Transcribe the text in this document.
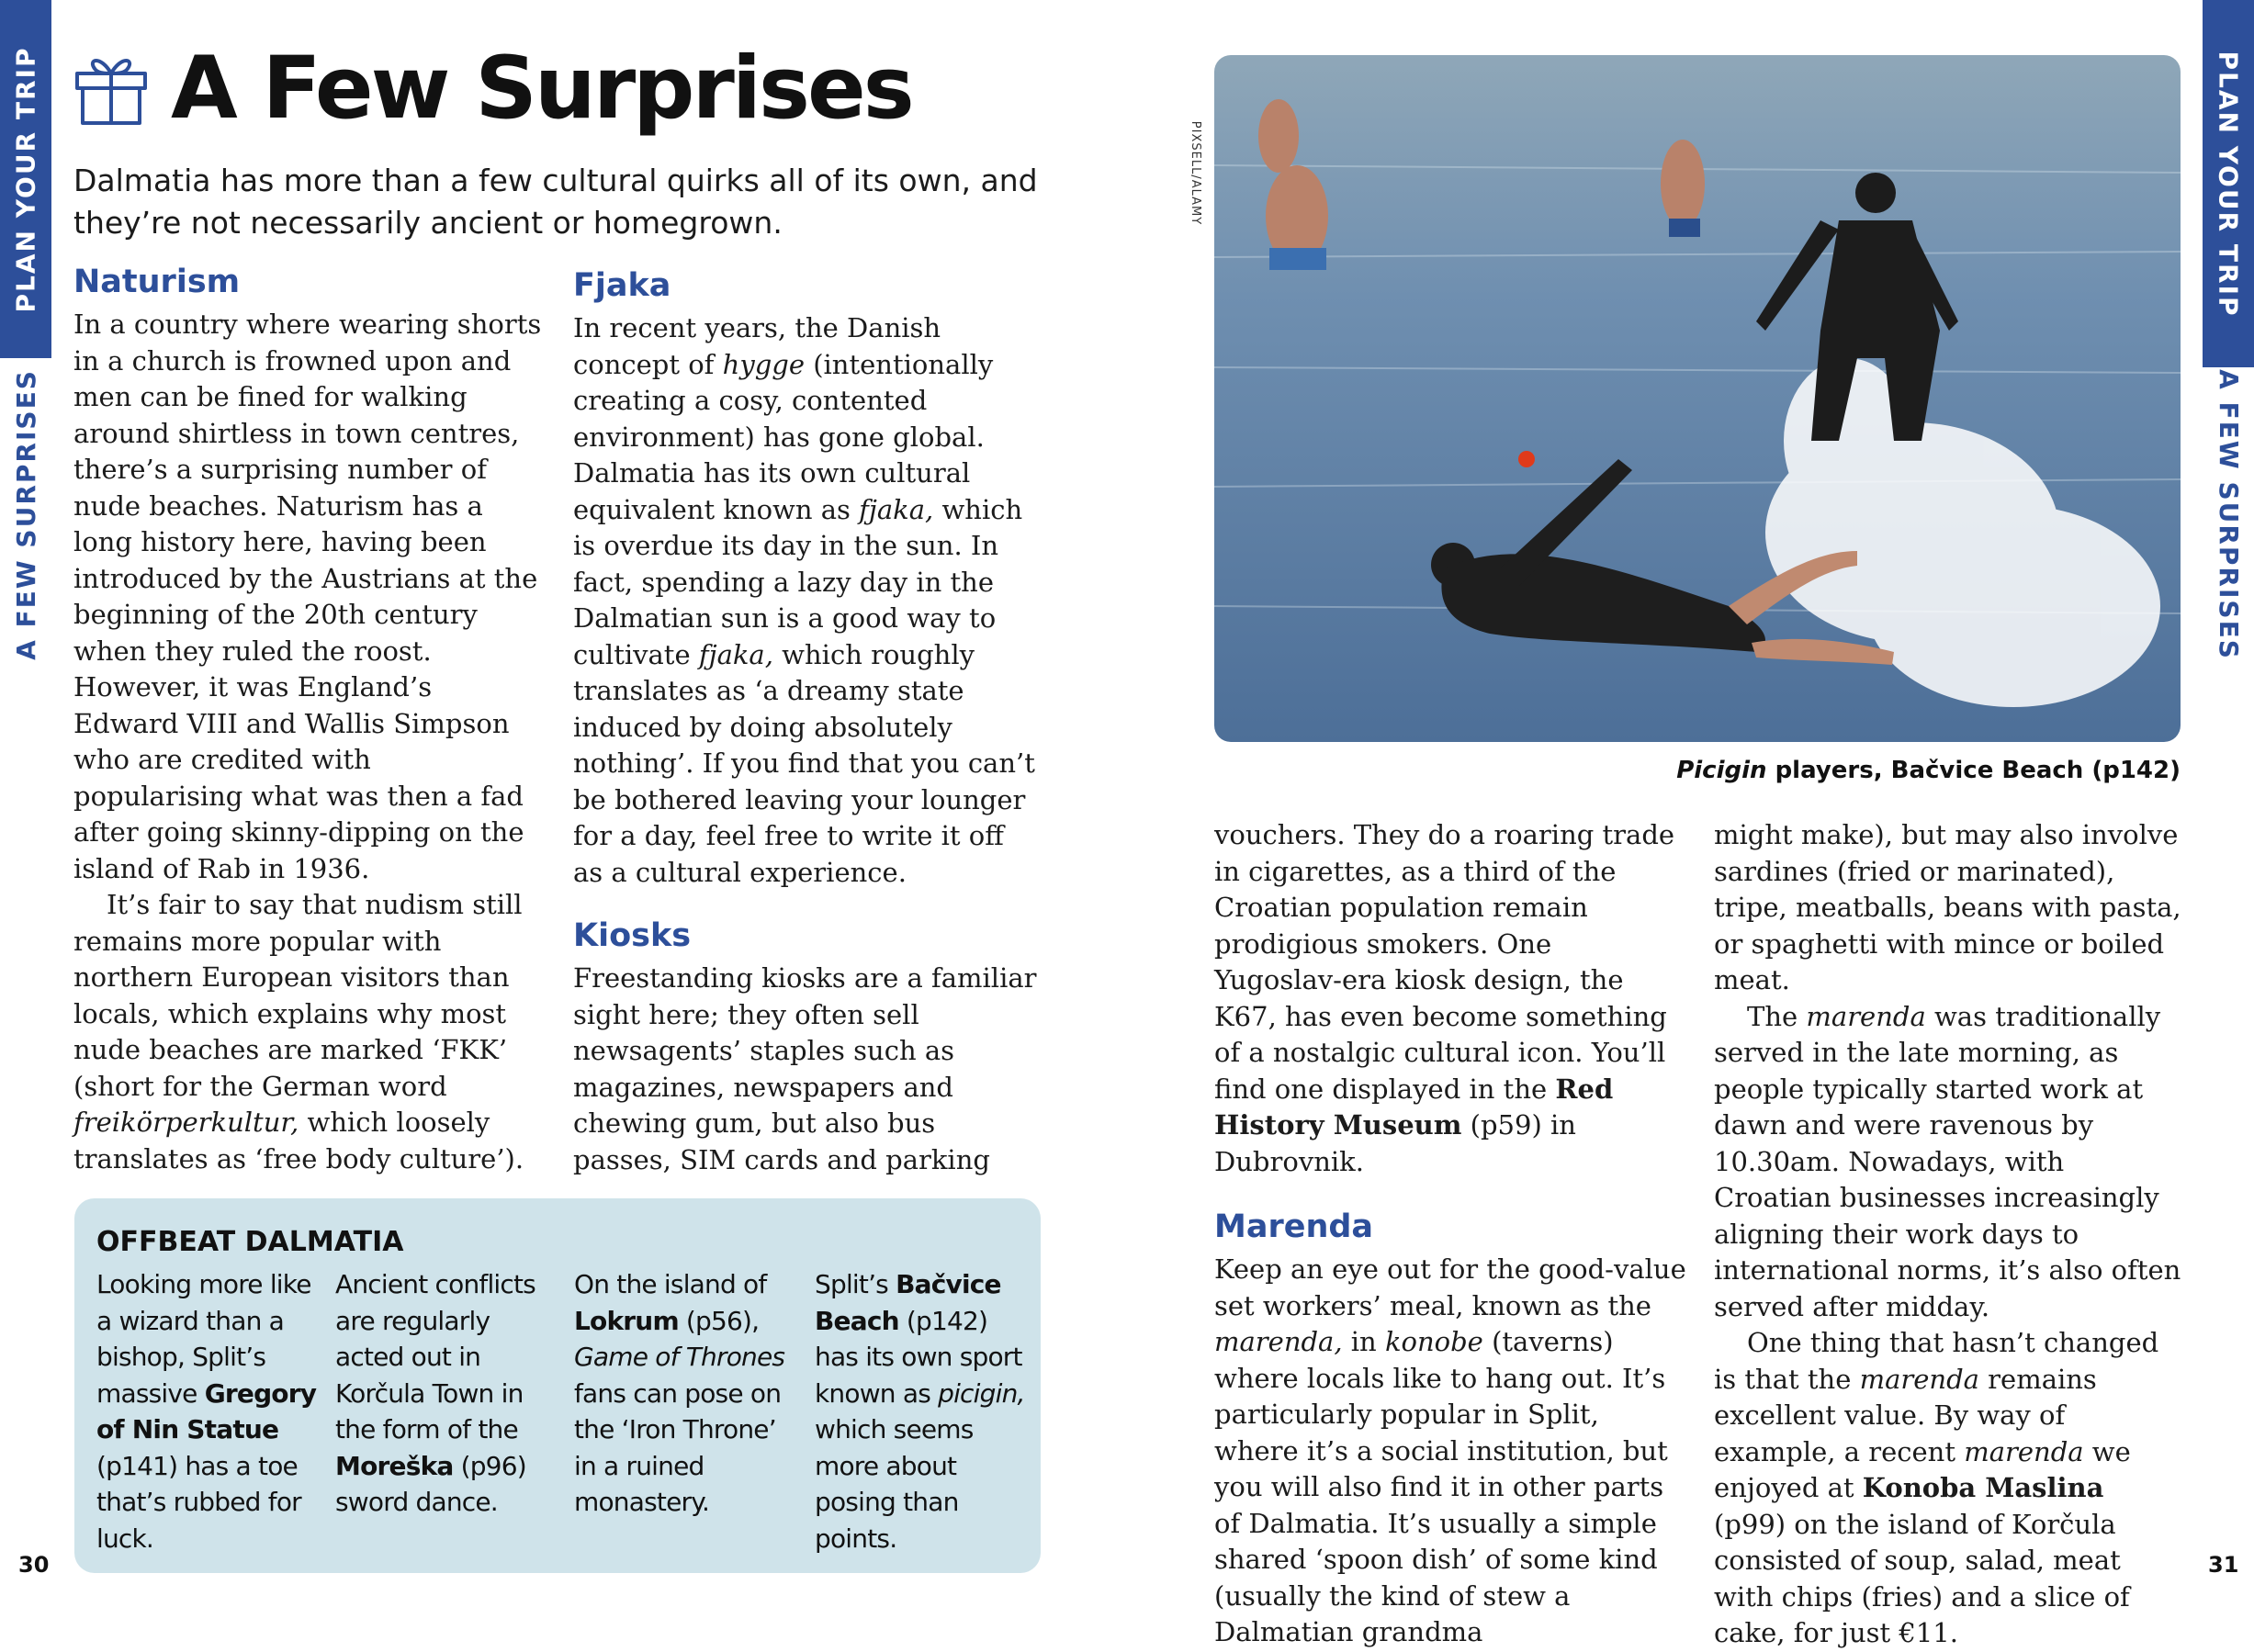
PLAN YOUR TRIP
A FEW SURPRISES
PLAN YOUR TRIP
A FEW SURPRISES
A Few Surprises

Dalmatia has more than a few cultural quirks all of its own, and they’re not necessarily ancient or homegrown.

Naturism

In a country where wearing shorts in a church is frowned upon and men can be fined for walking around shirtless in town centres, there’s a surprising number of nude beaches. Naturism has a long history here, having been introduced by the Austrians at the beginning of the 20th century when they ruled the roost. However, it was England’s Edward VIII and Wallis Simpson who are credited with popularising what was then a fad after going skinny-dipping on the island of Rab in 1936.

It’s fair to say that nudism still remains more popular with northern European visitors than locals, which explains why most nude beaches are marked ‘FKK’ (short for the German word freikörperkultur, which loosely translates as ‘free body culture’).

Fjaka

In recent years, the Danish concept of hygge (intentionally creating a cosy, contented environment) has gone global. Dalmatia has its own cultural equivalent known as fjaka, which is overdue its day in the sun. In fact, spending a lazy day in the Dalmatian sun is a good way to cultivate fjaka, which roughly translates as ‘a dreamy state induced by doing absolutely nothing’. If you find that you can’t be bothered leaving your lounger for a day, feel free to write it off as a cultural experience.

Kiosks

Freestanding kiosks are a familiar sight here; they often sell newsagents’ staples such as magazines, newspapers and chewing gum, but also bus passes, SIM cards and parking

OFFBEAT DALMATIA
Looking more like a wizard than a bishop, Split’s massive Gregory of Nin Statue (p141) has a toe that’s rubbed for luck.
Ancient conflicts are regularly acted out in Korčula Town in the form of the Moreška (p96) sword dance.
On the island of Lokrum (p56), Game of Thrones fans can pose on the ‘Iron Throne’ in a ruined monastery.
Split’s Bačvice Beach (p142) has its own sport known as picigin, which seems more about posing than points.
PIXSELL/ALAMY
Picigin players, Bačvice Beach (p142)

vouchers. They do a roaring trade in cigarettes, as a third of the Croatian population remain prodigious smokers. One Yugoslav-era kiosk design, the K67, has even become something of a nostalgic cultural icon. You’ll find one displayed in the Red History Museum (p59) in Dubrovnik.

Marenda

Keep an eye out for the good-value set workers’ meal, known as the marenda, in konobe (taverns) where locals like to hang out. It’s particularly popular in Split, where it’s a social institution, but you will also find it in other parts of Dalmatia. It’s usually a simple shared ‘spoon dish’ of some kind (usually the kind of stew a Dalmatian grandma

might make), but may also involve sardines (fried or marinated), tripe, meatballs, beans with pasta, or spaghetti with mince or boiled meat.

The marenda was traditionally served in the late morning, as people typically started work at dawn and were ravenous by 10.30am. Nowadays, with Croatian businesses increasingly aligning their work days to international norms, it’s also often served after midday.

One thing that hasn’t changed is that the marenda remains excellent value. By way of example, a recent marenda we enjoyed at Konoba Maslina (p99) on the island of Korčula consisted of soup, salad, meat with chips (fries) and a slice of cake, for just €11.

30	31
